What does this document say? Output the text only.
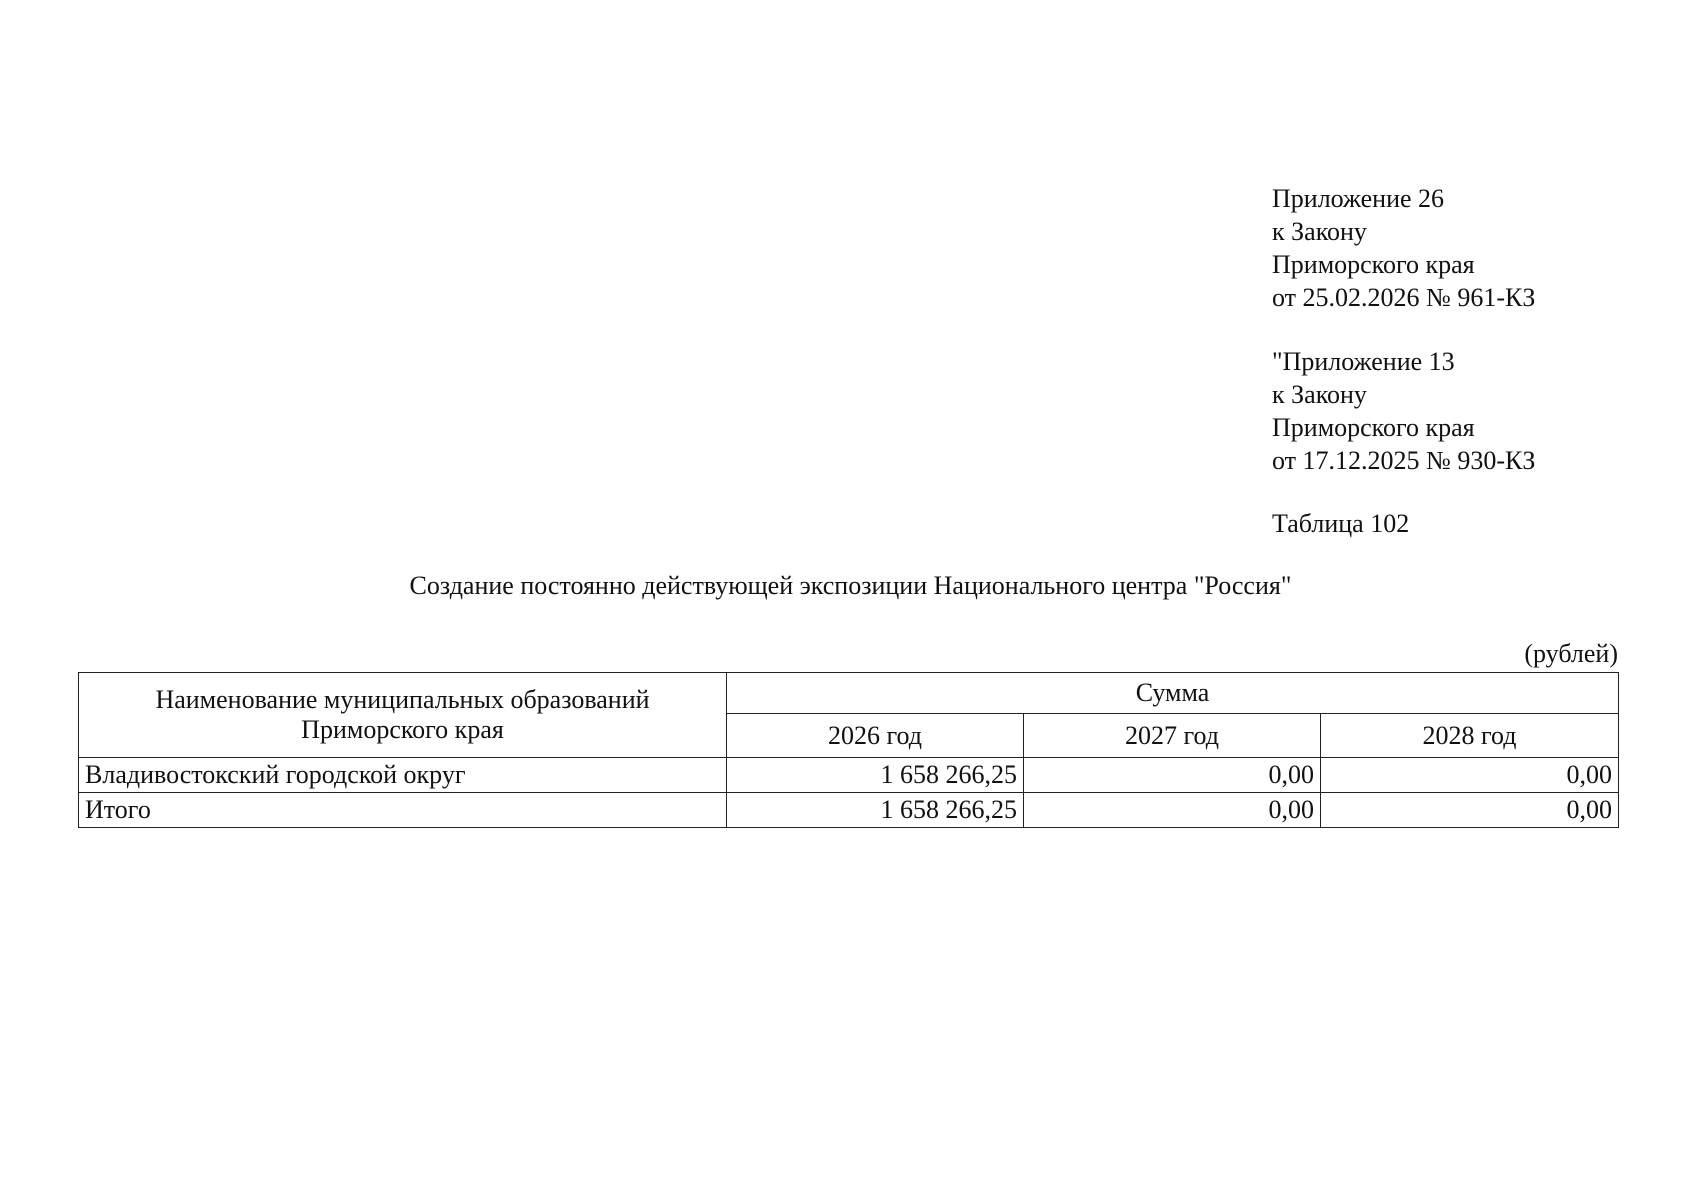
Приложение 26
к Закону
Приморского края
от 25.02.2026 № 961-КЗ
"Приложение 13
к Закону
Приморского края
от 17.12.2025 № 930-КЗ
Таблица 102
Создание постоянно действующей экспозиции Национального центра "Россия"
(рублей)
Наименование муниципальных образований Приморского края	Сумма		
	2026 год	2027 год	2028 год
Владивостокский городской округ	1 658 266,25	0,00	0,00
Итого	1 658 266,25	0,00	0,00
